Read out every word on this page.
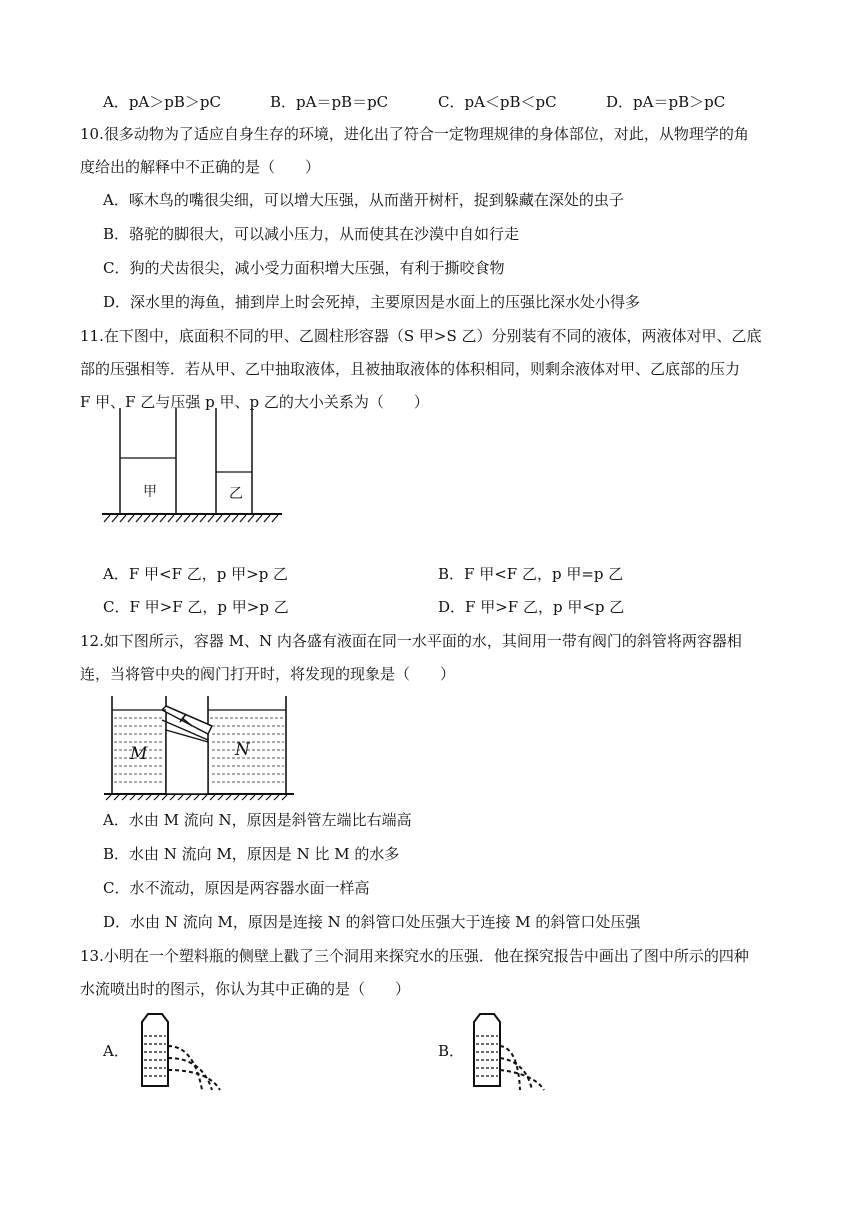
A．pA＞pB＞pC	B．pA＝pB＝pC	C．pA＜pB＜pC	D．pA＝pB＞pC
10.很多动物为了适应自身生存的环境，进化出了符合一定物理规律的身体部位，对此，从物理学的角
度给出的解释中不正确的是（　　）
A．啄木鸟的嘴很尖细，可以增大压强，从而凿开树杆，捉到躲藏在深处的虫子
B．骆驼的脚很大，可以减小压力，从而使其在沙漠中自如行走
C．狗的犬齿很尖，减小受力面积增大压强，有利于撕咬食物
D．深水里的海鱼，捕到岸上时会死掉，主要原因是水面上的压强比深水处小得多
11.在下图中，底面积不同的甲、乙圆柱形容器（S 甲>S 乙）分别装有不同的液体，两液体对甲、乙底
部的压强相等．若从甲、乙中抽取液体，且被抽取液体的体积相同，则剩余液体对甲、乙底部的压力
F 甲、F 乙与压强 p 甲、p 乙的大小关系为（　　）
甲	乙
A．F 甲<F 乙，p 甲>p 乙	B．F 甲<F 乙，p 甲=p 乙
C．F 甲>F 乙，p 甲>p 乙	D．F 甲>F 乙，p 甲<p 乙
12.如下图所示，容器 M、N 内各盛有液面在同一水平面的水，其间用一带有阀门的斜管将两容器相
连，当将管中央的阀门打开时，将发现的现象是（　　）
M	N
A．水由 M 流向 N，原因是斜管左端比右端高
B．水由 N 流向 M，原因是 N 比 M 的水多
C．水不流动，原因是两容器水面一样高
D．水由 N 流向 M，原因是连接 N 的斜管口处压强大于连接 M 的斜管口处压强
13.小明在一个塑料瓶的侧壁上戳了三个洞用来探究水的压强．他在探究报告中画出了图中所示的四种
水流喷出时的图示，你认为其中正确的是（　　）
A．	B．
